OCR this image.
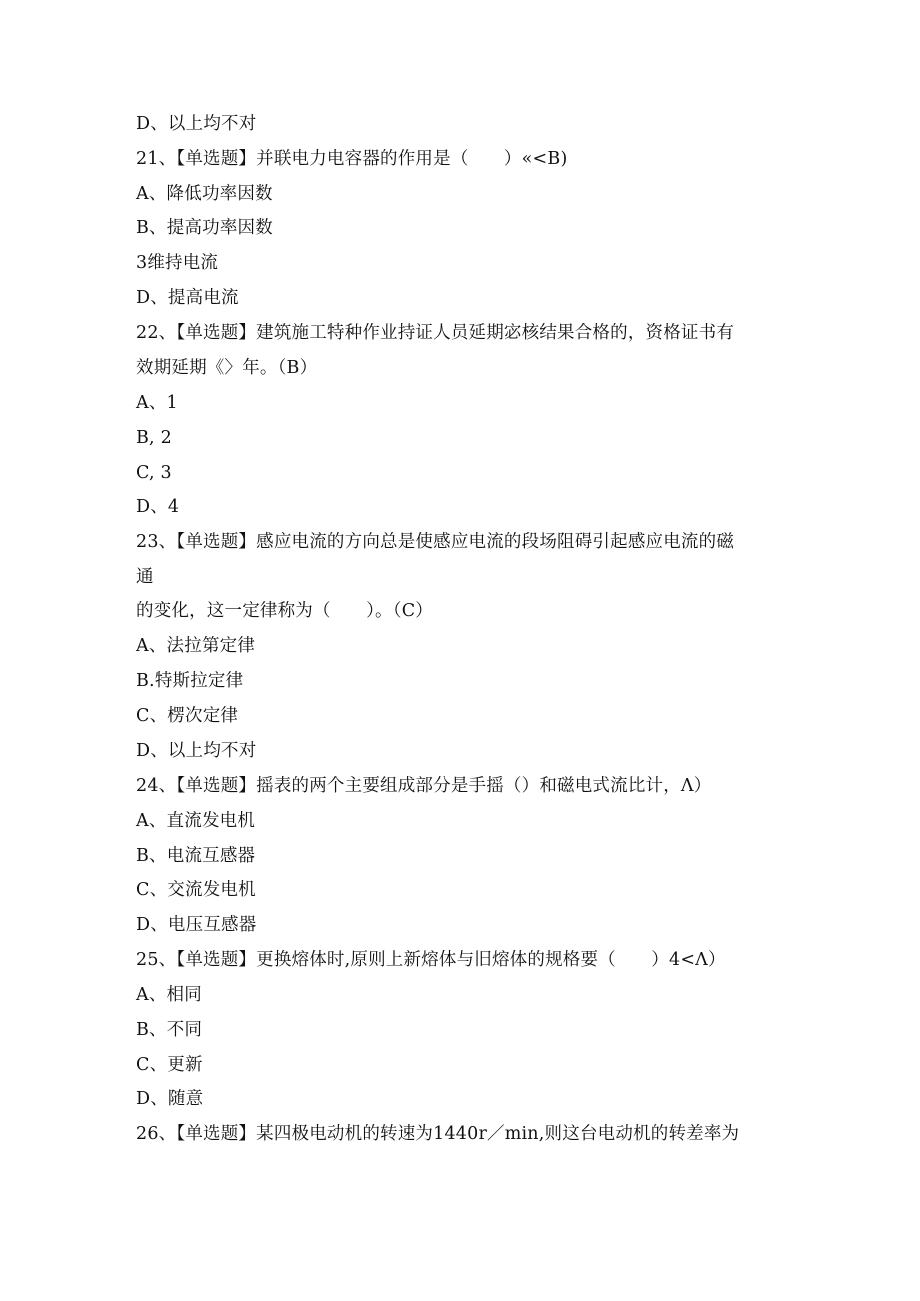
D、以上均不对
21、【单选题】并联电力电容器的作用是（　　）«<B)
A、降低功率因数
B、提高功率因数
3维持电流
D、提高电流
22、【单选题】建筑施工特种作业持证人员延期宓核结果合格的，资格证书有
效期延期《〉年。（B）
A、1
B, 2
C, 3
D、4
23、【单选题】感应电流的方向总是使感应电流的段场阻碍引起感应电流的磁
通
的变化，这一定律称为（　　）。（C）
A、法拉第定律
B.特斯拉定律
C、楞次定律
D、以上均不对
24、【单选题】摇表的两个主要组成部分是手摇（）和磁电式流比计，Λ）
A、直流发电机
B、电流互感器
C、交流发电机
D、电压互感器
25、【单选题】更换熔体时,原则上新熔体与旧熔体的规格要（　　）4<Λ）
A、相同
B、不同
C、更新
D、随意
26、【单选题】某四极电动机的转速为1440r／min,则这台电动机的转差率为
